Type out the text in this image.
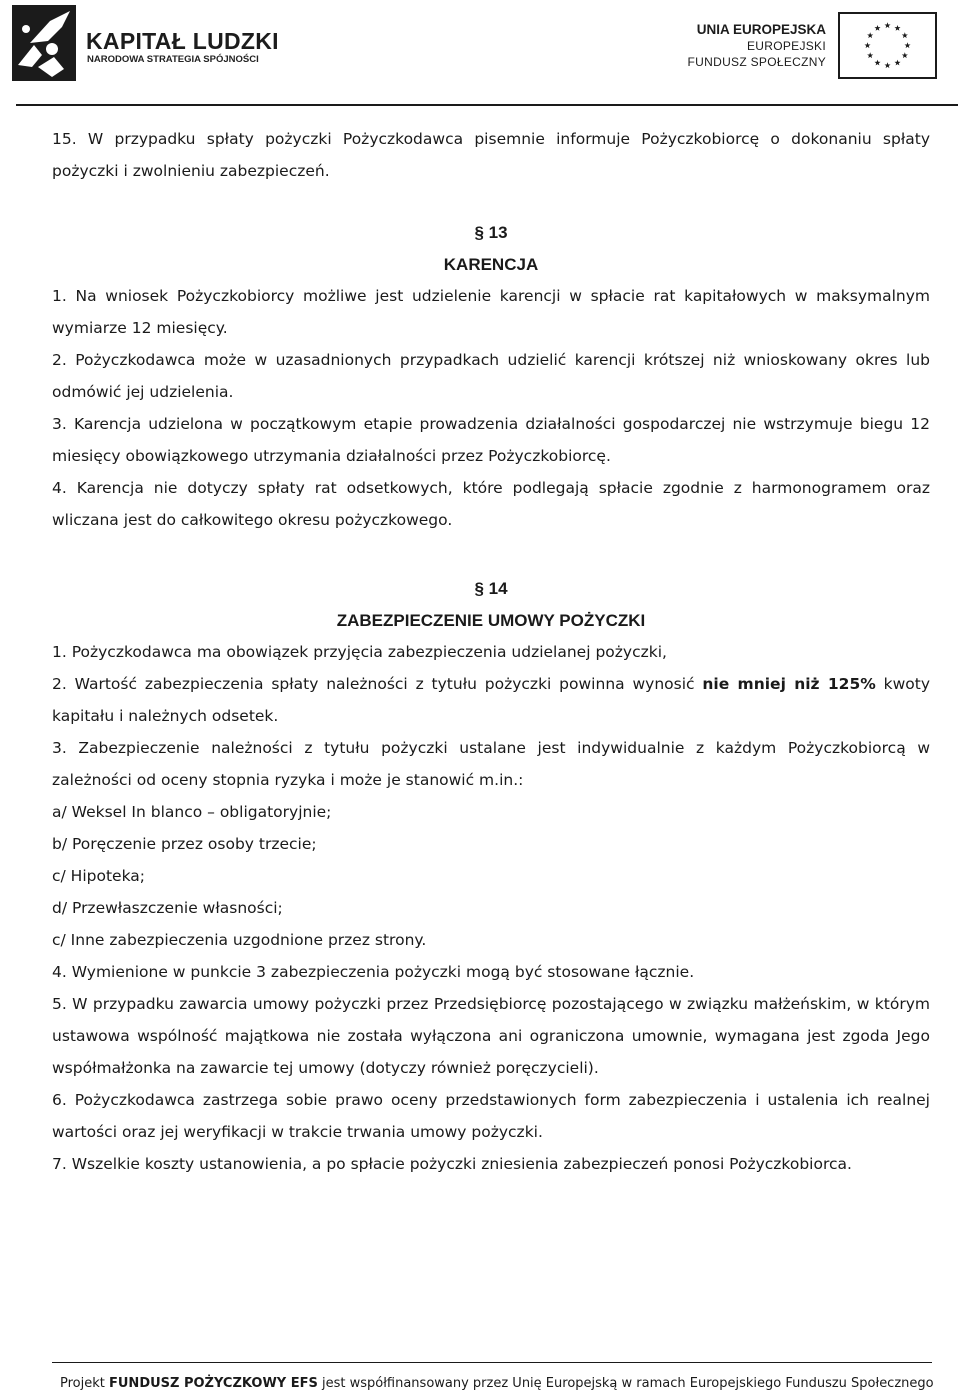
KAPITAŁ LUDZKI
NARODOWA STRATEGIA SPÓJNOŚCI
UNIA EUROPEJSKA
EUROPEJSKI
FUNDUSZ SPOŁECZNY

15. W przypadku spłaty pożyczki Pożyczkodawca pisemnie informuje Pożyczkobiorcę o dokonaniu spłaty pożyczki i zwolnieniu zabezpieczeń.

§ 13

KARENCJA

1. Na wniosek Pożyczkobiorcy możliwe jest udzielenie karencji w spłacie rat kapitałowych w maksymalnym wymiarze 12 miesięcy.

2. Pożyczkodawca może w uzasadnionych przypadkach udzielić karencji krótszej niż wnioskowany okres lub odmówić jej udzielenia.

3. Karencja udzielona w początkowym etapie prowadzenia działalności gospodarczej nie wstrzymuje biegu 12 miesięcy obowiązkowego utrzymania działalności przez Pożyczkobiorcę.

4. Karencja nie dotyczy spłaty rat odsetkowych, które podlegają spłacie zgodnie z harmonogramem oraz wliczana jest do całkowitego okresu pożyczkowego.

§ 14

ZABEZPIECZENIE UMOWY POŻYCZKI

1. Pożyczkodawca ma obowiązek przyjęcia zabezpieczenia udzielanej pożyczki,

2. Wartość zabezpieczenia spłaty należności z tytułu pożyczki powinna wynosić nie mniej niż 125% kwoty kapitału i należnych odsetek.

3. Zabezpieczenie należności z tytułu pożyczki ustalane jest indywidualnie z każdym Pożyczkobiorcą w zależności od oceny stopnia ryzyka i może je stanowić m.in.:

a/ Weksel In blanco – obligatoryjnie;

b/ Poręczenie przez osoby trzecie;

c/ Hipoteka;

d/ Przewłaszczenie własności;

c/ Inne zabezpieczenia uzgodnione przez strony.

4. Wymienione w punkcie 3 zabezpieczenia pożyczki mogą być stosowane łącznie.

5. W przypadku zawarcia umowy pożyczki przez Przedsiębiorcę pozostającego w związku małżeńskim, w którym ustawowa wspólność majątkowa nie została wyłączona ani ograniczona umownie, wymagana jest zgoda Jego współmałżonka na zawarcie tej umowy (dotyczy również poręczycieli).

6. Pożyczkodawca zastrzega sobie prawo oceny przedstawionych form zabezpieczenia i ustalenia ich realnej wartości oraz jej weryfikacji w trakcie trwania umowy pożyczki.

7. Wszelkie koszty ustanowienia, a po spłacie pożyczki zniesienia zabezpieczeń ponosi Pożyczkobiorca.

Projekt FUNDUSZ POŻYCZKOWY EFS jest współfinansowany przez Unię Europejską w ramach Europejskiego Funduszu Społecznego
